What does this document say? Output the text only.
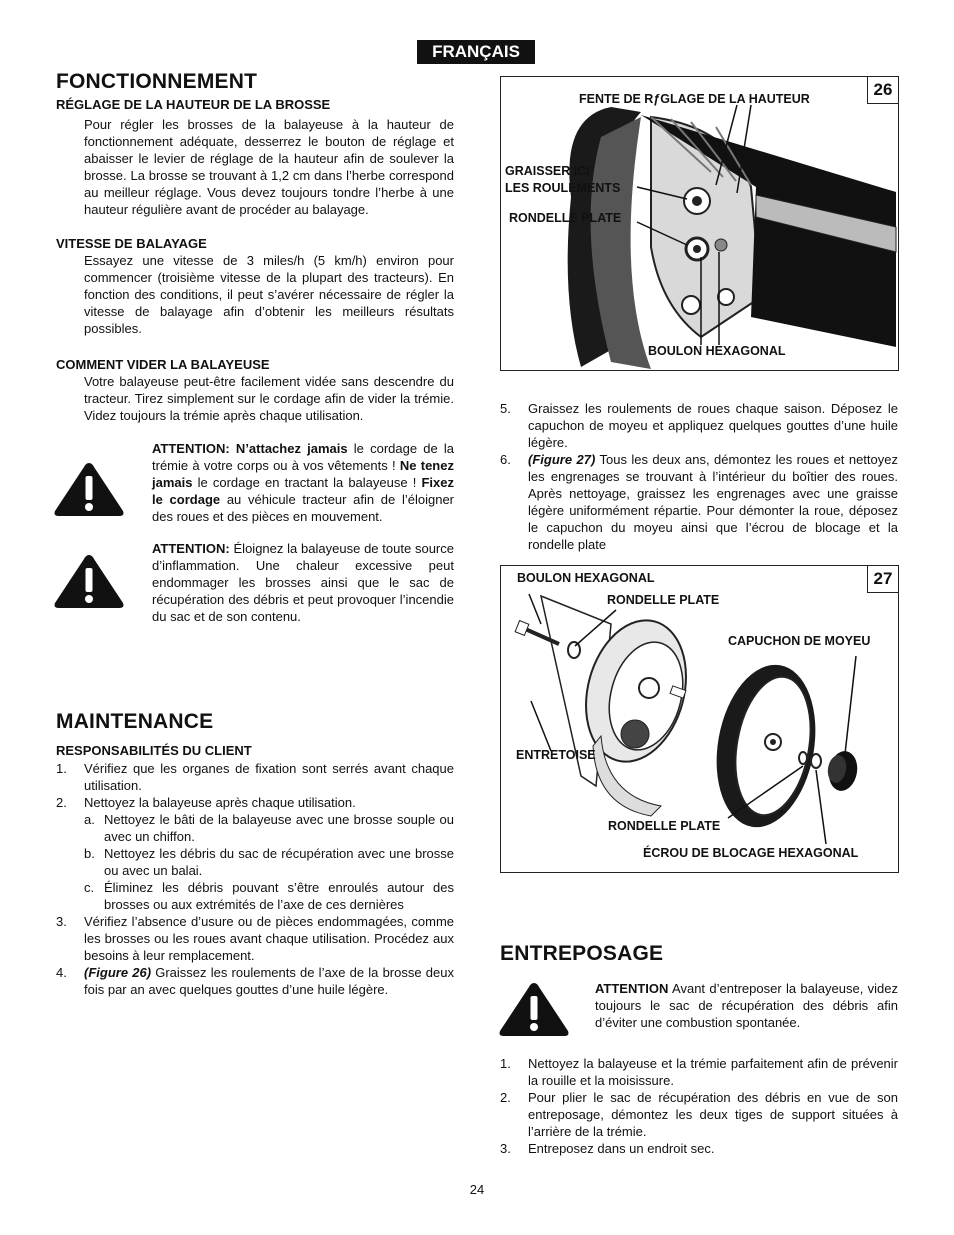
FRANÇAIS
FONCTIONNEMENT
RÉGLAGE DE LA HAUTEUR DE LA BROSSE

Pour régler les brosses de la balayeuse à la hauteur de fonctionnement adéquate, desserrez le bouton de réglage et abaisser le levier de réglage de la hauteur afin de soulever la brosse. La brosse se trouvant à 1,2 cm dans l’herbe correspond au meilleur réglage. Vous devez toujours tondre l’herbe à une hauteur régulière avant de procéder au balayage.

VITESSE DE BALAYAGE

Essayez une vitesse de 3 miles/h (5 km/h) environ pour commencer (troisième vitesse de la plupart des tracteurs). En fonction des conditions, il peut s’avérer nécessaire de régler la vitesse de balayage afin d’obtenir les meilleurs résultats possibles.

COMMENT VIDER LA BALAYEUSE

Votre balayeuse peut-être facilement vidée sans descendre du tracteur. Tirez simplement sur le cordage afin de vider la trémie. Videz toujours la trémie après chaque utilisation.

ATTENTION: N’attachez jamais le cordage de la trémie à votre corps ou à vos vêtements ! Ne tenez jamais le cordage en tractant la balayeuse ! Fixez le cordage au véhicule tracteur afin de l’éloigner des roues et des pièces en mouvement.

ATTENTION: Éloignez la balayeuse de toute source d’inflammation. Une chaleur excessive peut endommager les brosses ainsi que le sac de récupération des débris et peut provoquer l’incendie du sac et de son contenu.

MAINTENANCE
RESPONSABILITÉS DU CLIENT
1. Vérifiez que les organes de fixation sont serrés avant chaque utilisation.
2. Nettoyez la balayeuse après chaque utilisation.
a. Nettoyez le bâti de la balayeuse avec une brosse souple ou avec un chiffon.
b. Nettoyez les débris du sac de récupération avec une brosse ou avec un balai.
c. Éliminez les débris pouvant s’être enroulés autour des brosses ou aux extrémités de l’axe de ces dernières
3. Vérifiez l’absence d’usure ou de pièces endommagées, comme les brosses ou les roues avant chaque utilisation. Procédez aux besoins à leur remplacement.
4. (Figure 26) Graissez les roulements de l’axe de la brosse deux fois par an avec quelques gouttes d’une huile légère.
26
FENTE DE RƒGLAGE DE LA HAUTEUR
GRAISSER ICI
LES ROULEMENTS
RONDELLE PLATE
BOULON HEXAGONAL
5. Graissez les roulements de roues chaque saison. Déposez le capuchon de moyeu et appliquez quelques gouttes d’une huile légère.
6. (Figure 27) Tous les deux ans, démontez les roues et nettoyez les engrenages se trouvant à l’intérieur du boîtier des roues. Après nettoyage, graissez les engrenages avec une graisse légère uniformément répartie. Pour démonter la roue, déposez le capuchon du moyeu ainsi que l’écrou de blocage et la rondelle plate
27
BOULON HEXAGONAL
RONDELLE PLATE
CAPUCHON DE MOYEU
ENTRETOISE
RONDELLE PLATE
ÉCROU DE BLOCAGE HEXAGONAL
ENTREPOSAGE

ATTENTION Avant d’entreposer la balayeuse, videz toujours le sac de récupération des débris afin d’éviter une combustion spontanée.

1. Nettoyez la balayeuse et la trémie parfaitement afin de prévenir la rouille et la moisissure.
2. Pour plier le sac de récupération des débris en vue de son entreposage, démontez les deux tiges de support situées à l’arrière de la trémie.
3. Entreposez dans un endroit sec.
24
